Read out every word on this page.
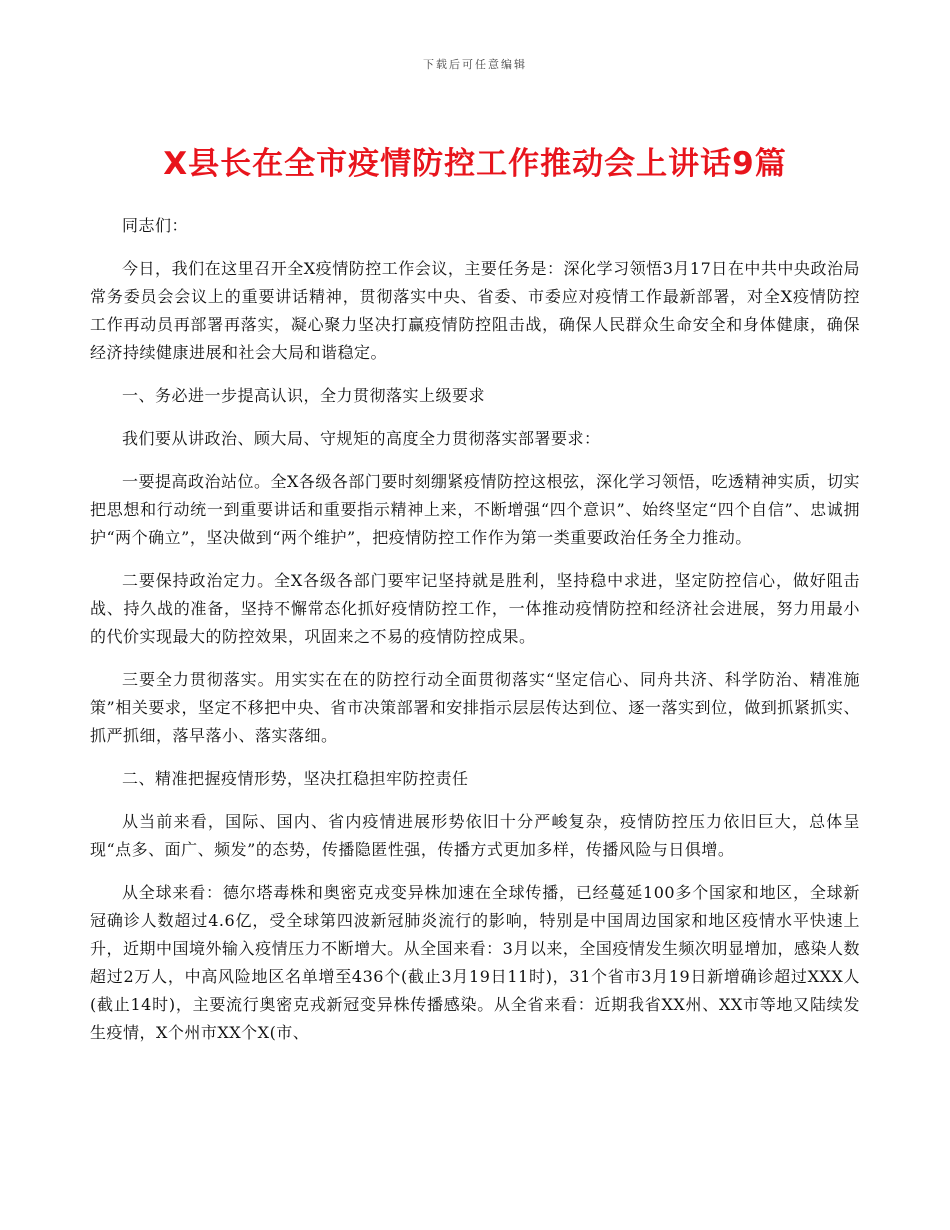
下载后可任意编辑
X县长在全市疫情防控工作推动会上讲话9篇

同志们：

今日，我们在这里召开全X疫情防控工作会议，主要任务是：深化学习领悟3月17日在中共中央政治局常务委员会会议上的重要讲话精神，贯彻落实中央、省委、市委应对疫情工作最新部署，对全X疫情防控工作再动员再部署再落实，凝心聚力坚决打赢疫情防控阻击战，确保人民群众生命安全和身体健康，确保经济持续健康进展和社会大局和谐稳定。

一、务必进一步提高认识，全力贯彻落实上级要求

我们要从讲政治、顾大局、守规矩的高度全力贯彻落实部署要求：

一要提高政治站位。全X各级各部门要时刻绷紧疫情防控这根弦，深化学习领悟，吃透精神实质，切实把思想和行动统一到重要讲话和重要指示精神上来，不断增强“四个意识”、始终坚定“四个自信”、忠诚拥护“两个确立”，坚决做到“两个维护”，把疫情防控工作作为第一类重要政治任务全力推动。

二要保持政治定力。全X各级各部门要牢记坚持就是胜利，坚持稳中求进，坚定防控信心，做好阻击战、持久战的准备，坚持不懈常态化抓好疫情防控工作，一体推动疫情防控和经济社会进展，努力用最小的代价实现最大的防控效果，巩固来之不易的疫情防控成果。

三要全力贯彻落实。用实实在在的防控行动全面贯彻落实“坚定信心、同舟共济、科学防治、精准施策”相关要求，坚定不移把中央、省市决策部署和安排指示层层传达到位、逐一落实到位，做到抓紧抓实、抓严抓细，落早落小、落实落细。

二、精准把握疫情形势，坚决扛稳担牢防控责任

从当前来看，国际、国内、省内疫情进展形势依旧十分严峻复杂，疫情防控压力依旧巨大，总体呈现“点多、面广、频发”的态势，传播隐匿性强，传播方式更加多样，传播风险与日俱增。

从全球来看：德尔塔毒株和奥密克戎变异株加速在全球传播，已经蔓延100多个国家和地区，全球新冠确诊人数超过4.6亿，受全球第四波新冠肺炎流行的影响，特别是中国周边国家和地区疫情水平快速上升，近期中国境外输入疫情压力不断增大。从全国来看：3月以来，全国疫情发生频次明显增加，感染人数超过2万人，中高风险地区名单增至436个(截止3月19日11时)，31个省市3月19日新增确诊超过XXX人(截止14时)，主要流行奥密克戎新冠变异株传播感染。从全省来看：近期我省XX州、XX市等地又陆续发生疫情，X个州市XX个X(市、
